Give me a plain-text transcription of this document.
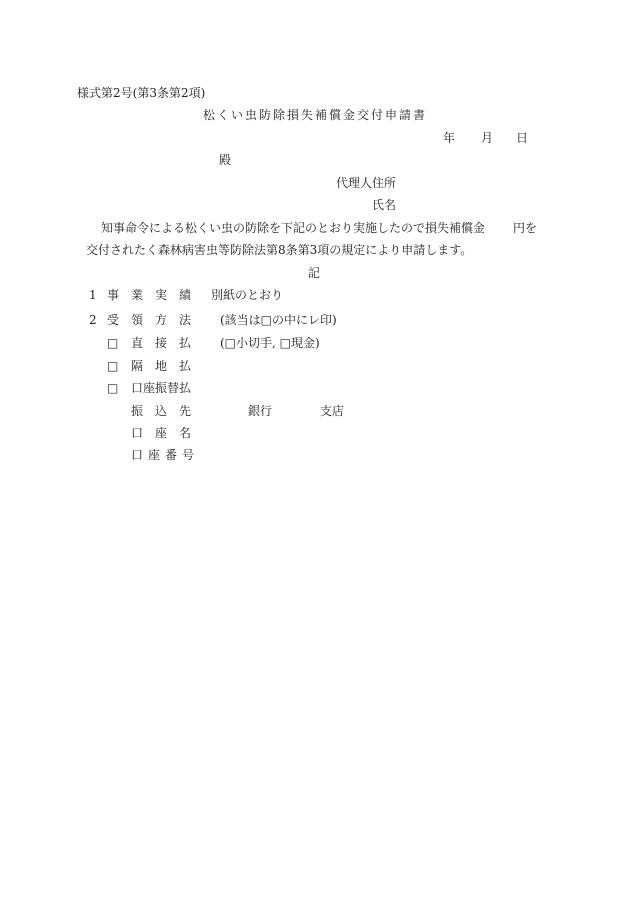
様式第2号(第3条第2項)
松くい虫防除損失補償金交付申請書
年 月 日
殿
代理人住所
氏名
知事命令による松くい虫の防除を下記のとおり実施したので損失補償金 円を
交付されたく森林病害虫等防除法第8条第3項の規定により申請します。
記
1 事業実績 別紙のとおり
2 受領方法 (該当は□の中にレ印)
□ 直接払 (□小切手, □現金)
□ 隔地払
□ 口座振替払
振込先	銀行	支店
口座名
口座番号
